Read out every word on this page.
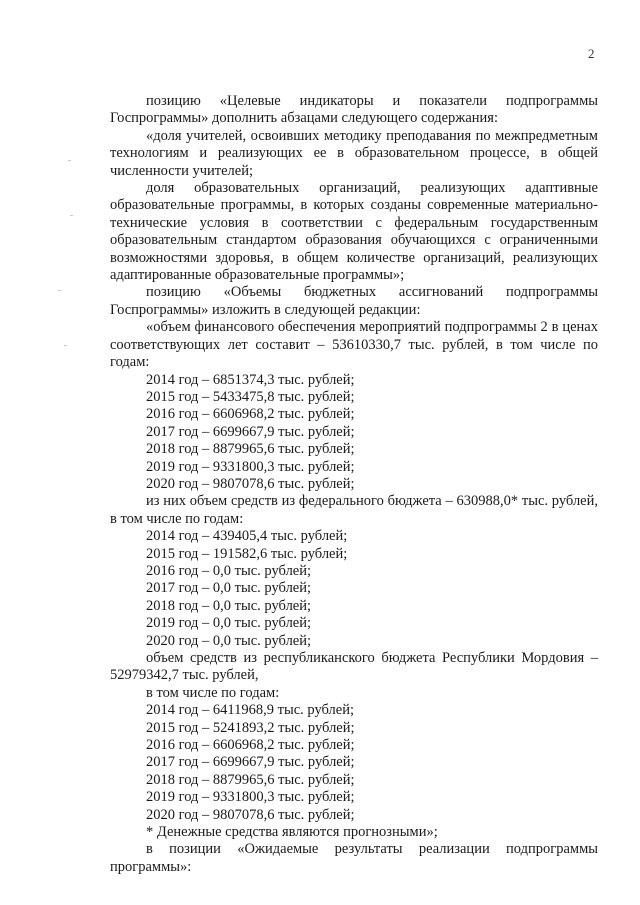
2

позицию «Целевые индикаторы и показатели подпрограммы Госпрограммы» дополнить абзацами следующего содержания:

«доля учителей, освоивших методику преподавания по межпредметным технологиям и реализующих ее в образовательном процессе, в общей численности учителей;

доля образовательных организаций, реализующих адаптивные образовательные программы, в которых созданы современные материально-технические условия в соответствии с федеральным государственным образовательным стандартом образования обучающихся с ограниченными возможностями здоровья, в общем количестве организаций, реализующих адаптированные образовательные программы»;

позицию «Объемы бюджетных ассигнований подпрограммы Госпрограммы» изложить в следующей редакции:

«объем финансового обеспечения мероприятий подпрограммы 2 в ценах соответствующих лет составит – 53610330,7 тыс. рублей, в том числе по годам:

2014 год – 6851374,3 тыс. рублей;

2015 год – 5433475,8 тыс. рублей;

2016 год – 6606968,2 тыс. рублей;

2017 год – 6699667,9 тыс. рублей;

2018 год – 8879965,6 тыс. рублей;

2019 год – 9331800,3 тыс. рублей;

2020 год – 9807078,6 тыс. рублей;

из них объем средств из федерального бюджета – 630988,0* тыс. рублей, в том числе по годам:

2014 год – 439405,4 тыс. рублей;

2015 год – 191582,6 тыс. рублей;

2016 год – 0,0 тыс. рублей;

2017 год – 0,0 тыс. рублей;

2018 год – 0,0 тыс. рублей;

2019 год – 0,0 тыс. рублей;

2020 год – 0,0 тыс. рублей;

объем средств из республиканского бюджета Республики Мордовия – 52979342,7 тыс. рублей,

в том числе по годам:

2014 год – 6411968,9 тыс. рублей;

2015 год – 5241893,2 тыс. рублей;

2016 год – 6606968,2 тыс. рублей;

2017 год – 6699667,9 тыс. рублей;

2018 год – 8879965,6 тыс. рублей;

2019 год – 9331800,3 тыс. рублей;

2020 год – 9807078,6 тыс. рублей;

* Денежные средства являются прогнозными»;

в позиции «Ожидаемые результаты реализации подпрограммы программы»:
